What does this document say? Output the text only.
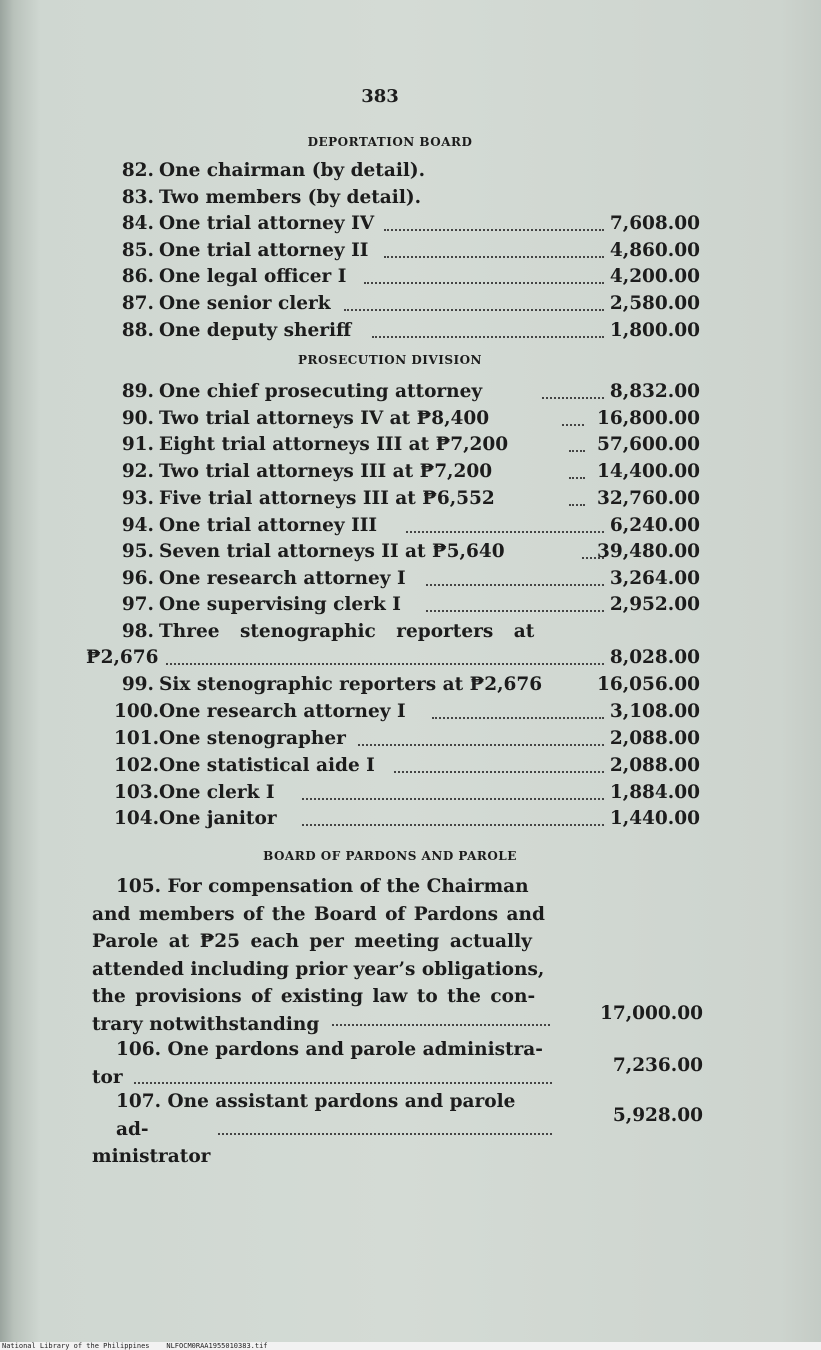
383
DEPORTATION BOARD
82. One chairman (by detail).
83. Two members (by detail).
84. One trial attorney IV	7,608.00
85. One trial attorney II	4,860.00
86. One legal officer I	4,200.00
87. One senior clerk	2,580.00
88. One deputy sheriff	1,800.00
PROSECUTION DIVISION
89. One chief prosecuting attorney	8,832.00
90. Two trial attorneys IV at ₱8,400	16,800.00
91. Eight trial attorneys III at ₱7,200	57,600.00
92. Two trial attorneys III at ₱7,200	14,400.00
93. Five trial attorneys III at ₱6,552	32,760.00
94. One trial attorney III	6,240.00
95. Seven trial attorneys II at ₱5,640	39,480.00
96. One research attorney I	3,264.00
97. One supervising clerk I	2,952.00
98. Three stenographic reporters at
₱2,676	8,028.00
99. Six stenographic reporters at ₱2,676	16,056.00
100.One research attorney I	3,108.00
101.One stenographer	2,088.00
102.One statistical aide I	2,088.00
103.One clerk I	1,884.00
104.One janitor	1,440.00
BOARD OF PARDONS AND PAROLE
105. For compensation of the Chairman
and members of the Board of Pardons and
Parole at ₱25 each per meeting actually
attended including prior year’s obligations,
the provisions of existing law to the con-
trary notwithstanding
17,000.00
106. One pardons and parole administra-
tor
7,236.00
107. One assistant pardons and parole ad-
ministrator
5,928.00
National Library of the Philippines NLFOCM0RAA1955010383.tif
